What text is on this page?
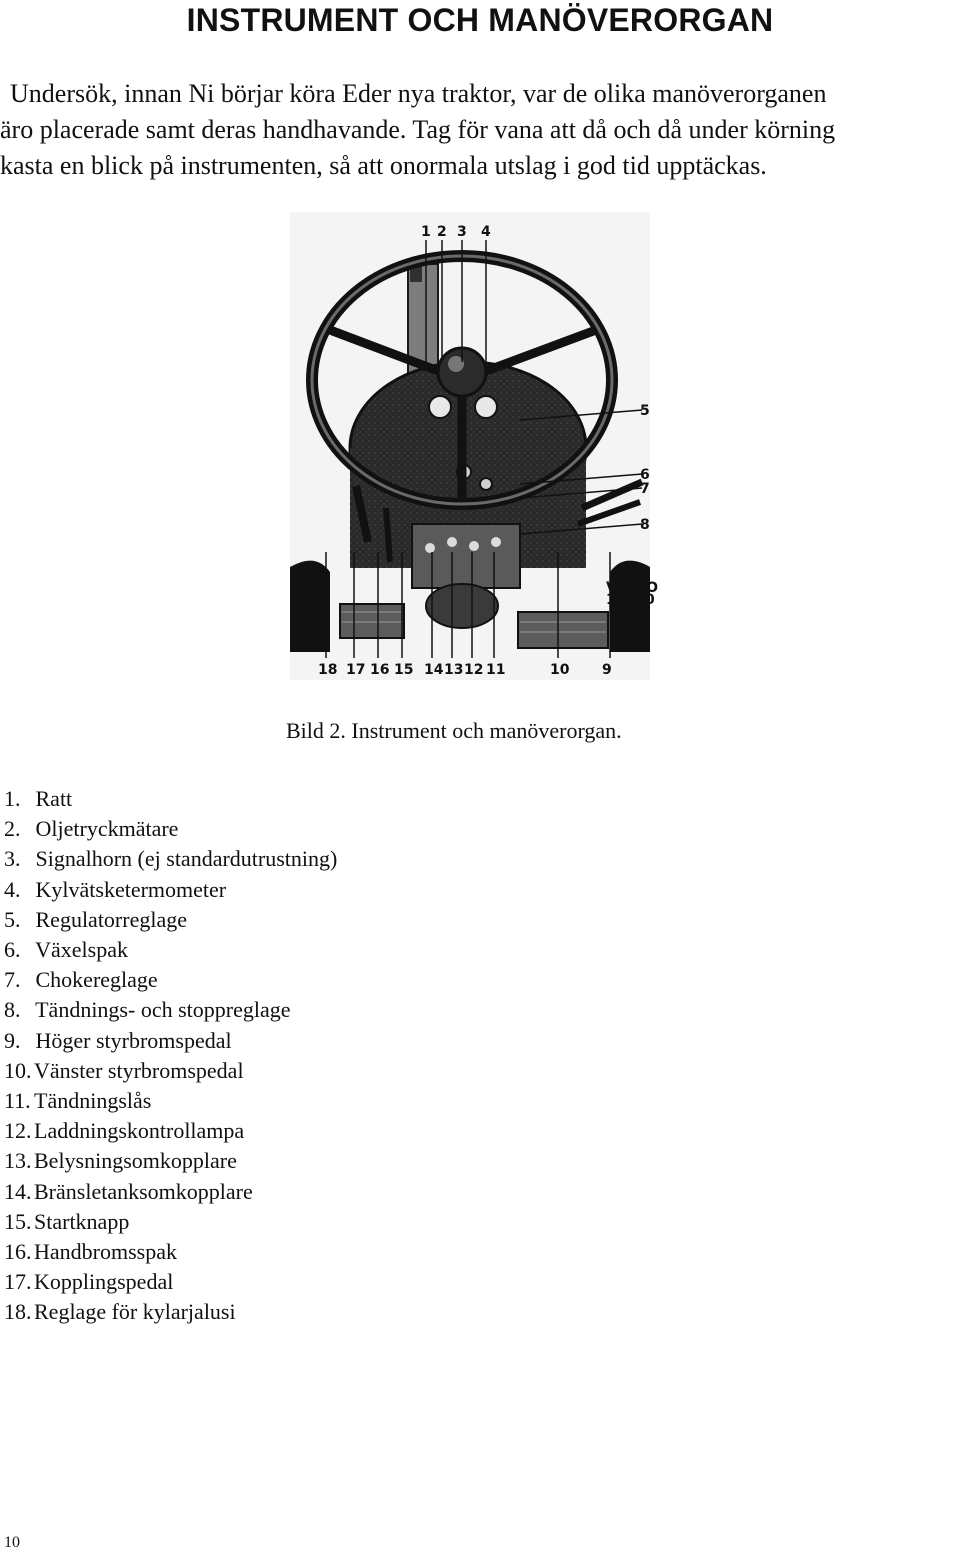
INSTRUMENT OCH MANÖVERORGAN
Undersök, innan Ni börjar köra Eder nya traktor, var de olika manöverorganen
äro placerade samt deras handhavande. Tag för vana att då och då under körning
kasta en blick på instrumenten, så att onormala utslag i god tid upptäckas.
1 2 3 4
5
6
7
8
18 17 16 15 14 13 12 11	10 9
VOLVO 10510
Bild 2. Instrument och manöverorgan.
1. Ratt
2. Oljetryckmätare
3. Signalhorn (ej standardutrustning)
4. Kylvätsketermometer
5. Regulatorreglage
6. Växelspak
7. Chokereglage
8. Tändnings- och stoppreglage
9. Höger styrbromspedal
10. Vänster styrbromspedal
11. Tändningslås
12. Laddningskontrollampa
13. Belysningsomkopplare
14. Bränsletanksomkopplare
15. Startknapp
16. Handbromsspak
17. Kopplingspedal
18. Reglage för kylarjalusi
10
